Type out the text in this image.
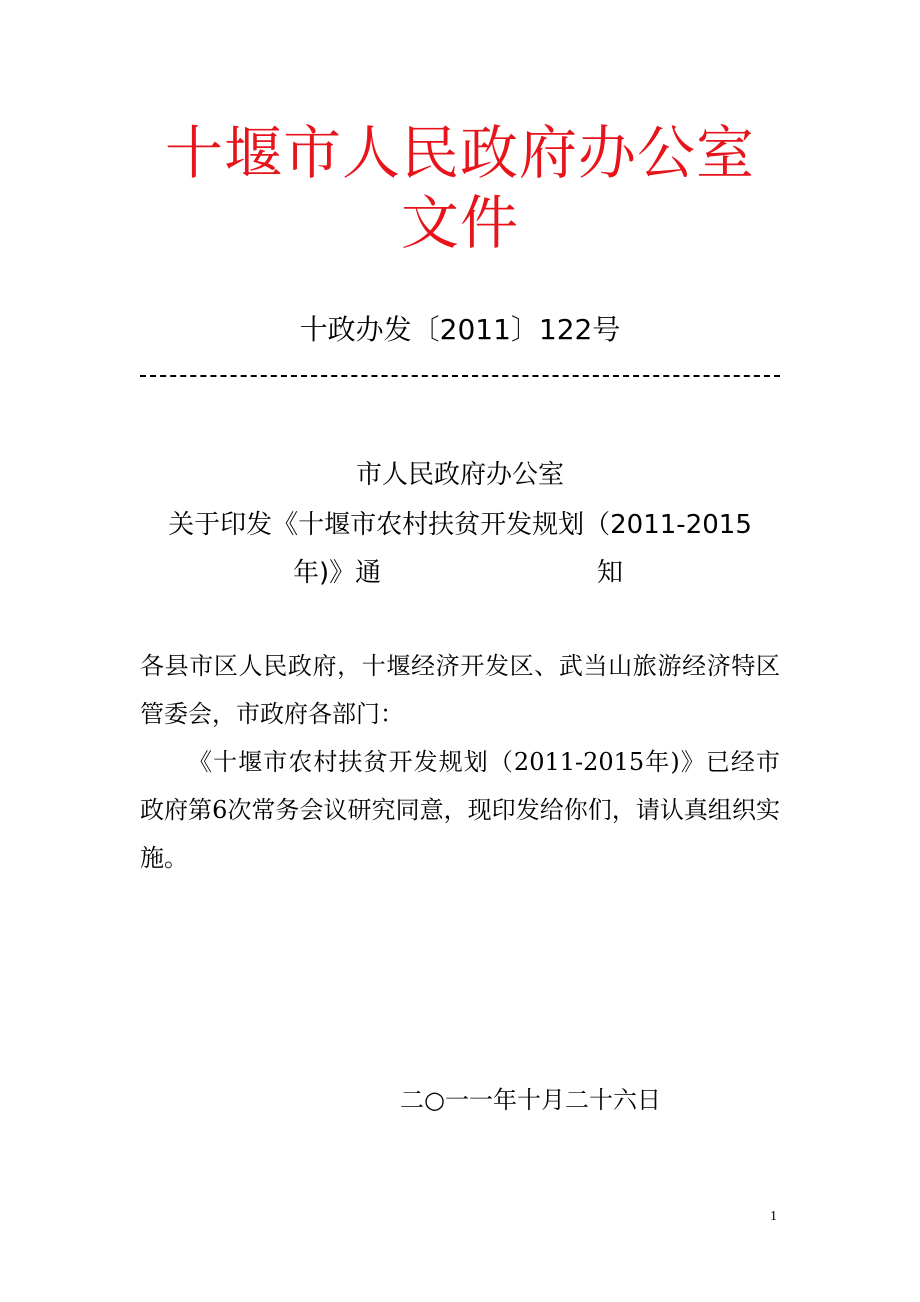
十堰市人民政府办公室
文件
十政办发〔2011〕122号
市人民政府办公室
关于印发《十堰市农村扶贫开发规划（2011-2015
年)》通	知
各县市区人民政府，十堰经济开发区、武当山旅游经济特区管委会，市政府各部门：
《十堰市农村扶贫开发规划（2011-2015年)》已经市政府第6次常务会议研究同意，现印发给你们，请认真组织实施。
二○一一年十月二十六日
1
